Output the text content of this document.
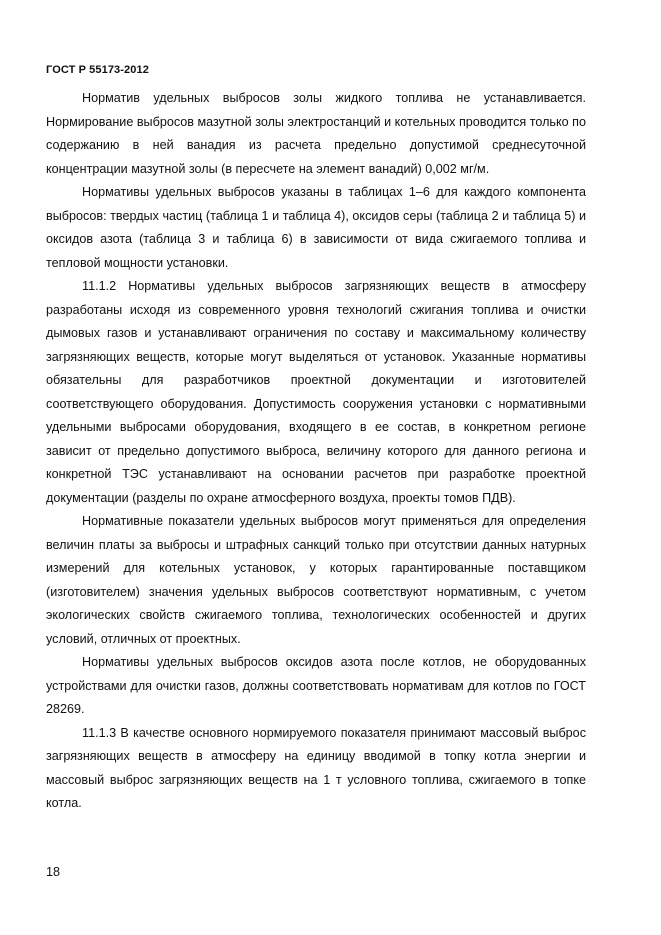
ГОСТ Р 55173-2012

Норматив удельных выбросов золы жидкого топлива не устанавливается. Нормирование выбросов мазутной золы электростанций и котельных проводится только по содержанию в ней ванадия из расчета предельно допустимой среднесуточной концентрации мазутной золы (в пересчете на элемент ванадий) 0,002 мг/м.

Нормативы удельных выбросов указаны в таблицах 1–6 для каждого компонента выбросов: твердых частиц (таблица 1 и таблица 4), оксидов серы (таблица 2 и таблица 5) и оксидов азота (таблица 3 и таблица 6) в зависимости от вида сжигаемого топлива и тепловой мощности установки.

11.1.2 Нормативы удельных выбросов загрязняющих веществ в атмосферу разработаны исходя из современного уровня технологий сжигания топлива и очистки дымовых газов и устанавливают ограничения по составу и максимальному количеству загрязняющих веществ, которые могут выделяться от установок. Указанные нормативы обязательны для разработчиков проектной документации и изготовителей соответствующего оборудования. Допустимость сооружения установки с нормативными удельными выбросами оборудования, входящего в ее состав, в конкретном регионе зависит от предельно допустимого выброса, величину которого для данного региона и конкретной ТЭС устанавливают на основании расчетов при разработке проектной документации (разделы по охране атмосферного воздуха, проекты томов ПДВ).

Нормативные показатели удельных выбросов могут применяться для определения величин платы за выбросы и штрафных санкций только при отсутствии данных натурных измерений для котельных установок, у которых гарантированные поставщиком (изготовителем) значения удельных выбросов соответствуют нормативным, с учетом экологических свойств сжигаемого топлива, технологических особенностей и других условий, отличных от проектных.

Нормативы удельных выбросов оксидов азота после котлов, не оборудованных устройствами для очистки газов, должны соответствовать нормативам для котлов по ГОСТ 28269.

11.1.3 В качестве основного нормируемого показателя принимают массовый выброс загрязняющих веществ в атмосферу на единицу вводимой в топку котла энергии и массовый выброс загрязняющих веществ на 1 т условного топлива, сжигаемого в топке котла.

18
